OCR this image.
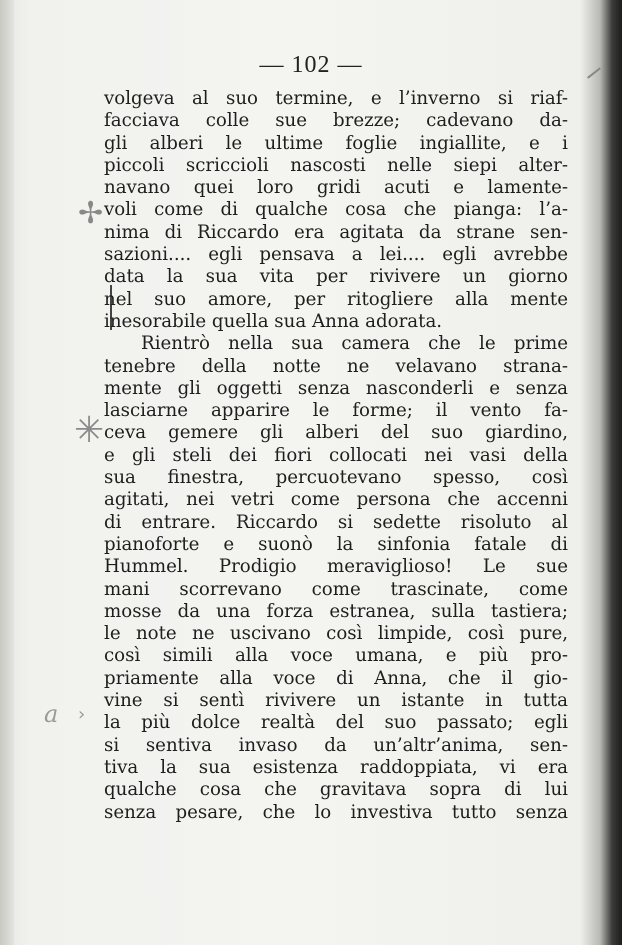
— 102 —
✢
✳
a ›
volgeva al suo termine, e l’inverno si riaf-
facciava colle sue brezze; cadevano da-
gli alberi le ultime foglie ingiallite, e i
piccoli scriccioli nascosti nelle siepi alter-
navano quei loro gridi acuti e lamente-
voli come di qualche cosa che pianga: l’a-
nima di Riccardo era agitata da strane sen-
sazioni.... egli pensava a lei.... egli avrebbe
data la sua vita per rivivere un giorno
nel suo amore, per ritogliere alla mente
inesorabile quella sua Anna adorata.
Rientrò nella sua camera che le prime
tenebre della notte ne velavano strana-
mente gli oggetti senza nasconderli e senza
lasciarne apparire le forme; il vento fa-
ceva gemere gli alberi del suo giardino,
e gli steli dei fiori collocati nei vasi della
sua finestra, percuotevano spesso, così
agitati, nei vetri come persona che accenni
di entrare. Riccardo si sedette risoluto al
pianoforte e suonò la sinfonia fatale di
Hummel. Prodigio meraviglioso! Le sue
mani scorrevano come trascinate, come
mosse da una forza estranea, sulla tastiera;
le note ne uscivano così limpide, così pure,
così simili alla voce umana, e più pro-
priamente alla voce di Anna, che il gio-
vine si sentì rivivere un istante in tutta
la più dolce realtà del suo passato; egli
si sentiva invaso da un’altr’anima, sen-
tiva la sua esistenza raddoppiata, vi era
qualche cosa che gravitava sopra di lui
senza pesare, che lo investiva tutto senza
